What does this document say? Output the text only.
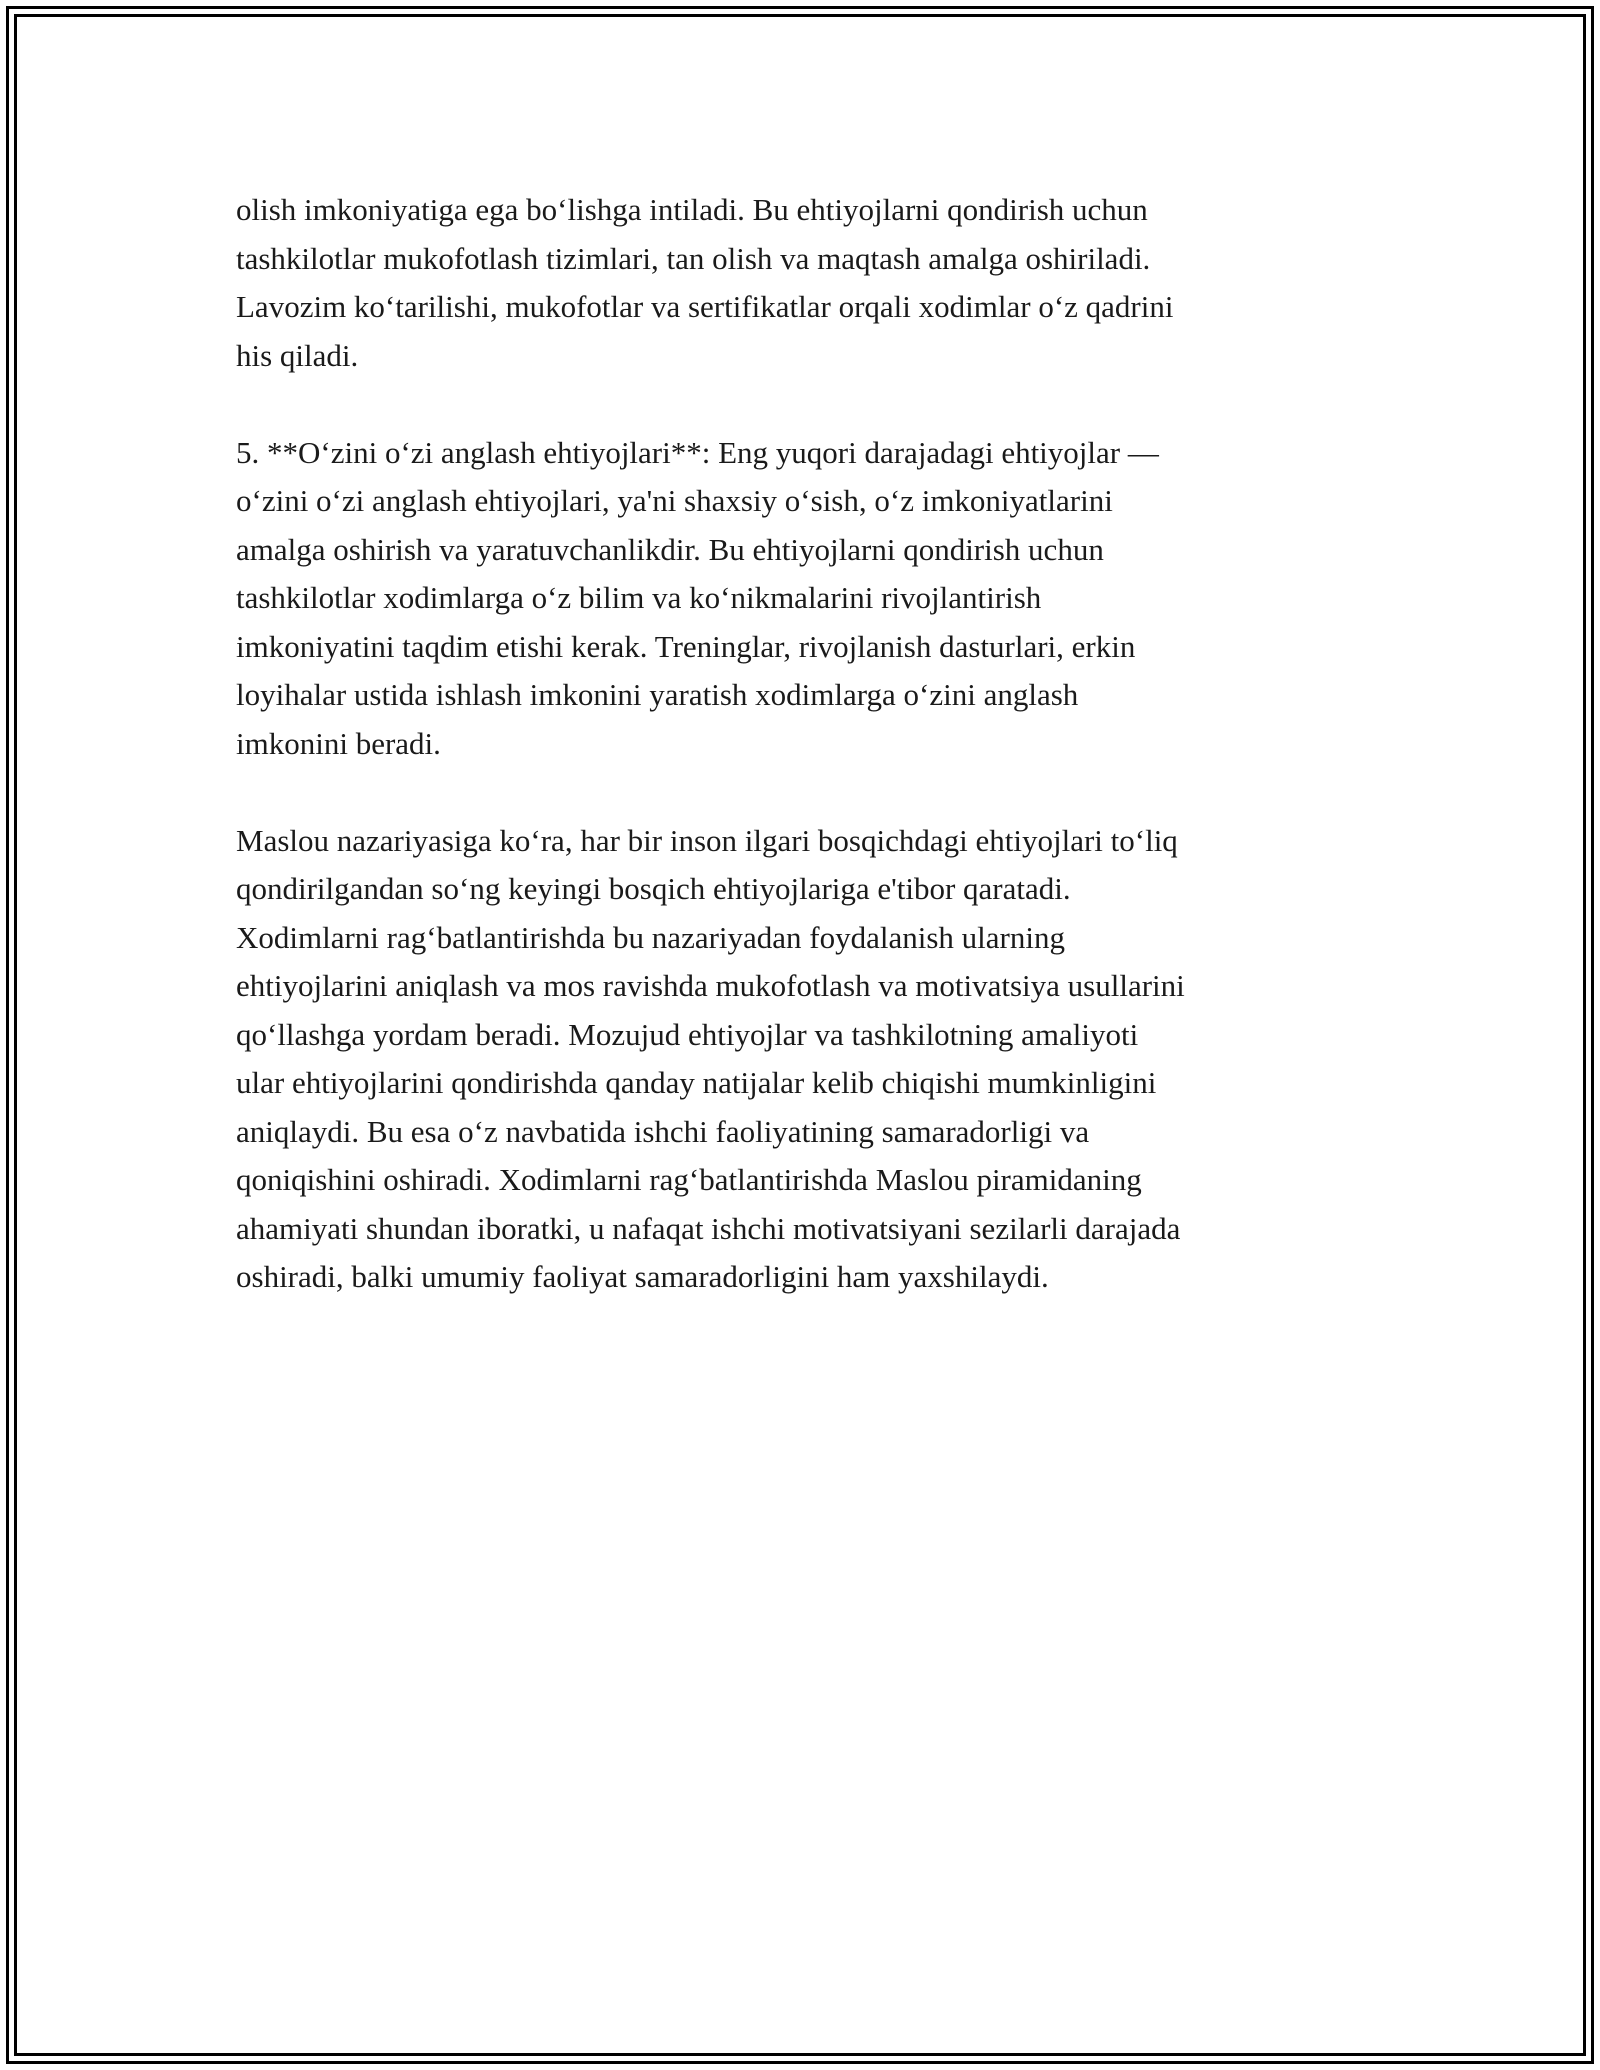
olish imkoniyatiga ega bo‘lishga intiladi. Bu ehtiyojlarni qondirish uchun
tashkilotlar mukofotlash tizimlari, tan olish va maqtash amalga oshiriladi.
Lavozim ko‘tarilishi, mukofotlar va sertifikatlar orqali xodimlar o‘z qadrini
his qiladi.

5. **O‘zini o‘zi anglash ehtiyojlari**: Eng yuqori darajadagi ehtiyojlar —
o‘zini o‘zi anglash ehtiyojlari, ya'ni shaxsiy o‘sish, o‘z imkoniyatlarini
amalga oshirish va yaratuvchanlikdir. Bu ehtiyojlarni qondirish uchun
tashkilotlar xodimlarga o‘z bilim va ko‘nikmalarini rivojlantirish
imkoniyatini taqdim etishi kerak. Treninglar, rivojlanish dasturlari, erkin
loyihalar ustida ishlash imkonini yaratish xodimlarga o‘zini anglash
imkonini beradi.

Maslou nazariyasiga ko‘ra, har bir inson ilgari bosqichdagi ehtiyojlari to‘liq
qondirilgandan so‘ng keyingi bosqich ehtiyojlariga e'tibor qaratadi.
Xodimlarni rag‘batlantirishda bu nazariyadan foydalanish ularning
ehtiyojlarini aniqlash va mos ravishda mukofotlash va motivatsiya usullarini
qo‘llashga yordam beradi. Mozujud ehtiyojlar va tashkilotning amaliyoti
ular ehtiyojlarini qondirishda qanday natijalar kelib chiqishi mumkinligini
aniqlaydi. Bu esa o‘z navbatida ishchi faoliyatining samaradorligi va
qoniqishini oshiradi. Xodimlarni rag‘batlantirishda Maslou piramidaning
ahamiyati shundan iboratki, u nafaqat ishchi motivatsiyani sezilarli darajada
oshiradi, balki umumiy faoliyat samaradorligini ham yaxshilaydi.
